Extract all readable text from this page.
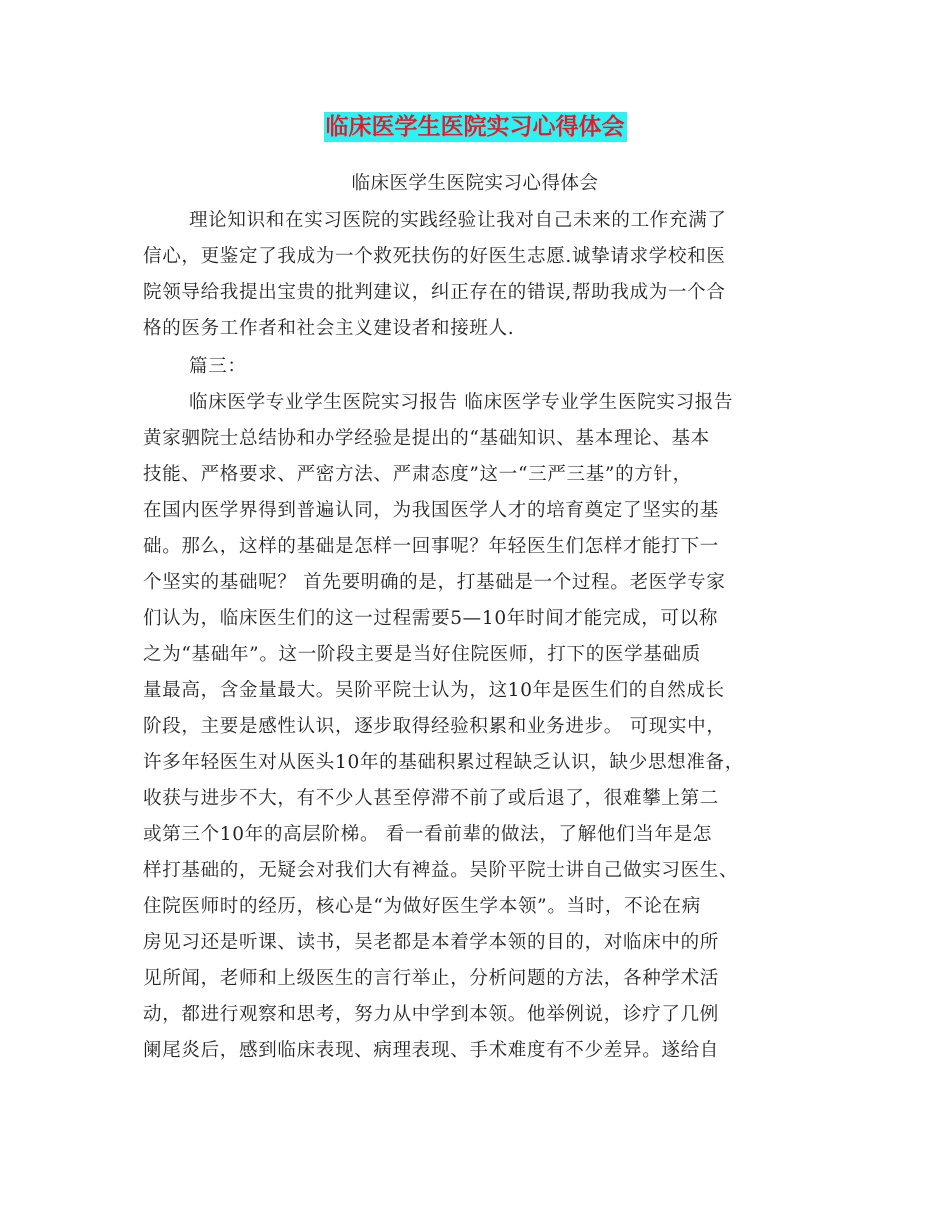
临床医学生医院实习心得体会
临床医学生医院实习心得体会
理论知识和在实习医院的实践经验让我对自己未来的工作充满了
信心，更鉴定了我成为一个救死扶伤的好医生志愿.诚挚请求学校和医
院领导给我提出宝贵的批判建议，纠正存在的错误,帮助我成为一个合
格的医务工作者和社会主义建设者和接班人.
篇三：
临床医学专业学生医院实习报告 临床医学专业学生医院实习报告
黄家驷院士总结协和办学经验是提出的“基础知识、基本理论、基本
技能、严格要求、严密方法、严肃态度”这一“三严三基”的方针，
在国内医学界得到普遍认同，为我国医学人才的培育奠定了坚实的基
础。那么，这样的基础是怎样一回事呢？年轻医生们怎样才能打下一
个坚实的基础呢？ 首先要明确的是，打基础是一个过程。老医学专家
们认为，临床医生们的这一过程需要5—10年时间才能完成，可以称
之为“基础年”。这一阶段主要是当好住院医师，打下的医学基础质
量最高，含金量最大。吴阶平院士认为，这10年是医生们的自然成长
阶段，主要是感性认识，逐步取得经验积累和业务进步。 可现实中，
许多年轻医生对从医头10年的基础积累过程缺乏认识，缺少思想准备，
收获与进步不大，有不少人甚至停滞不前了或后退了，很难攀上第二
或第三个10年的高层阶梯。 看一看前辈的做法，了解他们当年是怎
样打基础的，无疑会对我们大有裨益。吴阶平院士讲自己做实习医生、
住院医师时的经历，核心是“为做好医生学本领”。当时，不论在病
房见习还是听课、读书，吴老都是本着学本领的目的，对临床中的所
见所闻，老师和上级医生的言行举止，分析问题的方法，各种学术活
动，都进行观察和思考，努力从中学到本领。他举例说，诊疗了几例
阑尾炎后，感到临床表现、病理表现、手术难度有不少差异。遂给自
